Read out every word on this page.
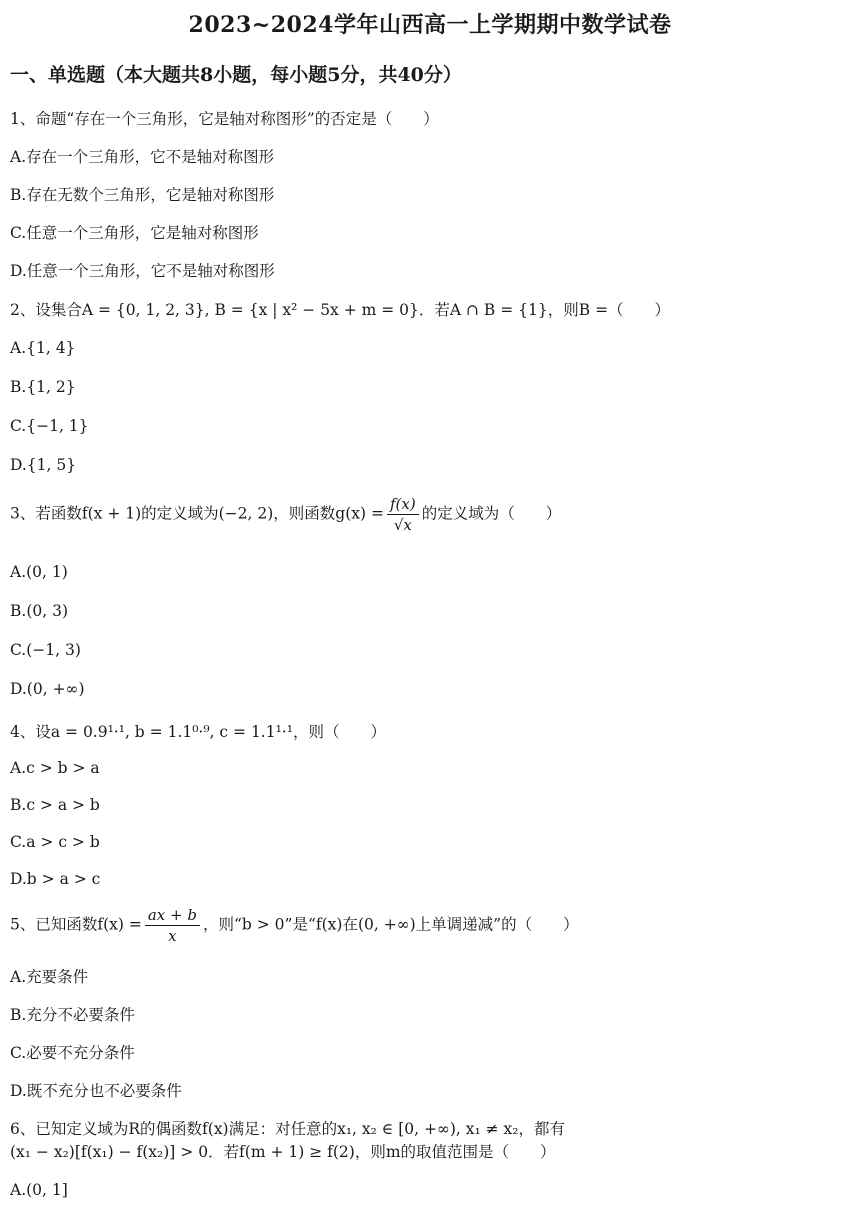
2023~2024学年山西高一上学期期中数学试卷
一、单选题（本大题共8小题，每小题5分，共40分）
1、命题“存在一个三角形，它是轴对称图形”的否定是（　　）
A.存在一个三角形，它不是轴对称图形
B.存在无数个三角形，它是轴对称图形
C.任意一个三角形，它是轴对称图形
D.任意一个三角形，它不是轴对称图形
2、设集合A = {0, 1, 2, 3}, B = {x | x² − 5x + m = 0}．若A ∩ B = {1}，则B =（　　）
A.{1, 4}
B.{1, 2}
C.{−1, 1}
D.{1, 5}
3、若函数f(x + 1)的定义域为(−2, 2)，则函数$g(x) = \frac{f(x)}{√x}$ 的定义域为（　　）
A.(0, 1)
B.(0, 3)
C.(−1, 3)
D.(0, +∞)
4、设a = 0.9¹·¹, b = 1.1⁰·⁹, c = 1.1¹·¹，则（　　）
A.c > b > a
B.c > a > b
C.a > c > b
D.b > a > c
5、已知函数$f(x) = \frac{ax + b}{x}$ ，则“b > 0”是“f(x)在(0, +∞)上单调递减”的（　　）
A.充要条件
B.充分不必要条件
C.必要不充分条件
D.既不充分也不必要条件
6、已知定义域为R的偶函数f(x)满足：对任意的x₁, x₂ ∈ [0, +∞), x₁ ≠ x₂，都有
(x₁ − x₂)[f(x₁) − f(x₂)] > 0．若f(m + 1) ≥ f(2)，则m的取值范围是（　　）
A.(0, 1]
